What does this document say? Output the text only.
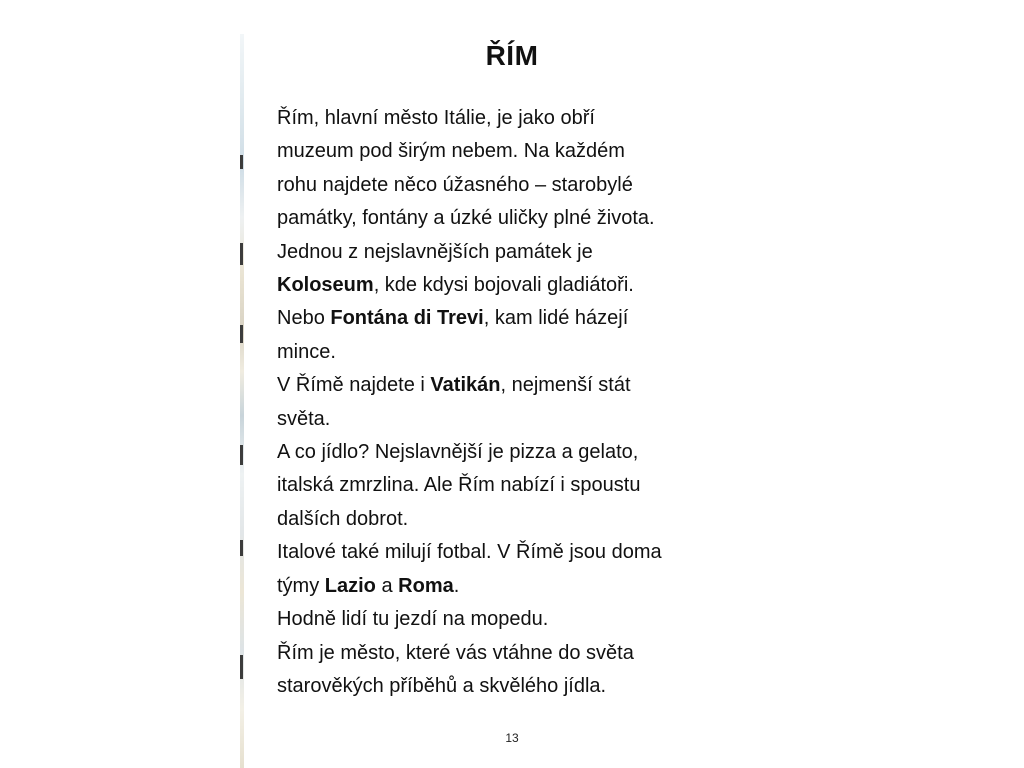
ŘÍM
Řím, hlavní město Itálie, je jako obří
muzeum pod širým nebem. Na každém
rohu najdete něco úžasného – starobylé
památky, fontány a úzké uličky plné života.
Jednou z nejslavnějších památek je
Koloseum, kde kdysi bojovali gladiátoři.
Nebo Fontána di Trevi, kam lidé házejí
mince.
V Římě najdete i Vatikán, nejmenší stát
světa.
A co jídlo? Nejslavnější je pizza a gelato,
italská zmrzlina. Ale Řím nabízí i spoustu
dalších dobrot.
Italové také milují fotbal. V Římě jsou doma
týmy Lazio a Roma.
Hodně lidí tu jezdí na mopedu.
Řím je město, které vás vtáhne do světa
starověkých příběhů a skvělého jídla.
13
